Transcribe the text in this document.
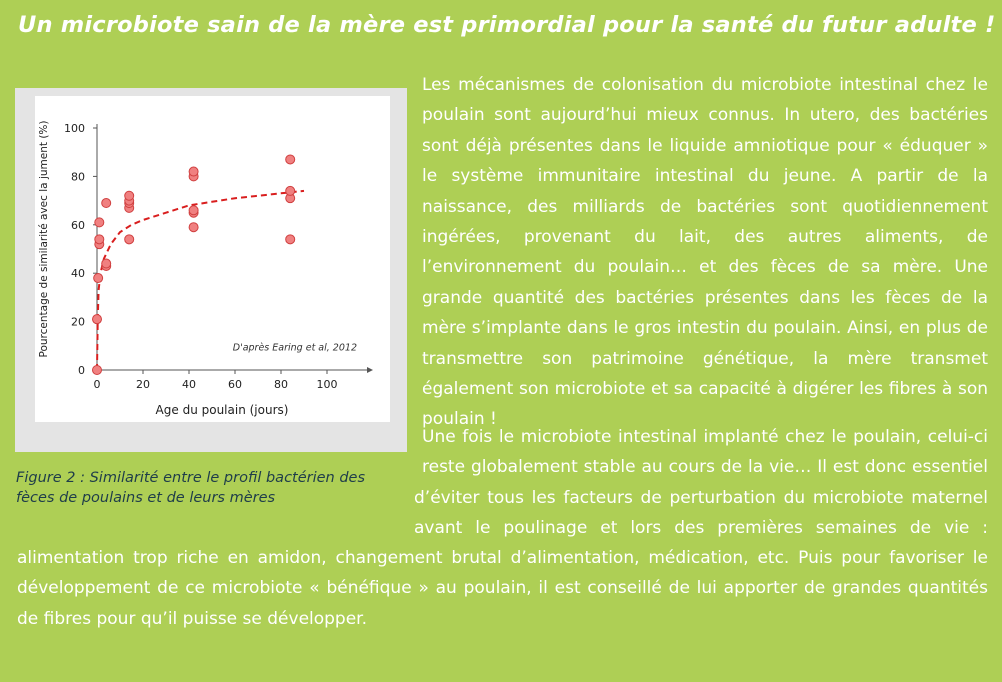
Un microbiote sain de la mère est primordial pour la santé du futur adulte !
0
20
40
60
80
100
0	20	40	60	80	100
Age du poulain (jours)
Pourcentage de similarité avec la jument (%)	D'après Earing et al, 2012
Figure 2 : Similarité entre le profil bactérien des fèces de poulains et de leurs mères

Les mécanismes de colonisation du microbiote intestinal chez le poulain sont aujourd’hui mieux connus. In utero, des bactéries sont déjà présentes dans le liquide amniotique pour « éduquer » le système immunitaire intestinal du jeune. A partir de la naissance, des milliards de bactéries sont quotidiennement ingérées, provenant du lait, des autres aliments, de l’environnement du poulain… et des fèces de sa mère. Une grande quantité des bactéries présentes dans les fèces de la mère s’implante dans le gros intestin du poulain. Ainsi, en plus de transmettre son patrimoine génétique, la mère transmet également son microbiote et sa capacité à digérer les fibres à son poulain !

Une fois le microbiote intestinal implanté chez le poulain, celui-ci
reste globalement stable au cours de la vie… Il est donc essentiel
d’éviter tous les facteurs de perturbation du microbiote maternel
avant le poulinage et lors des premières semaines de vie :
alimentation trop riche en amidon, changement brutal d’alimentation, médication, etc. Puis pour favoriser le
développement de ce microbiote « bénéfique » au poulain, il est conseillé de lui apporter de grandes quantités
de fibres pour qu’il puisse se développer.
